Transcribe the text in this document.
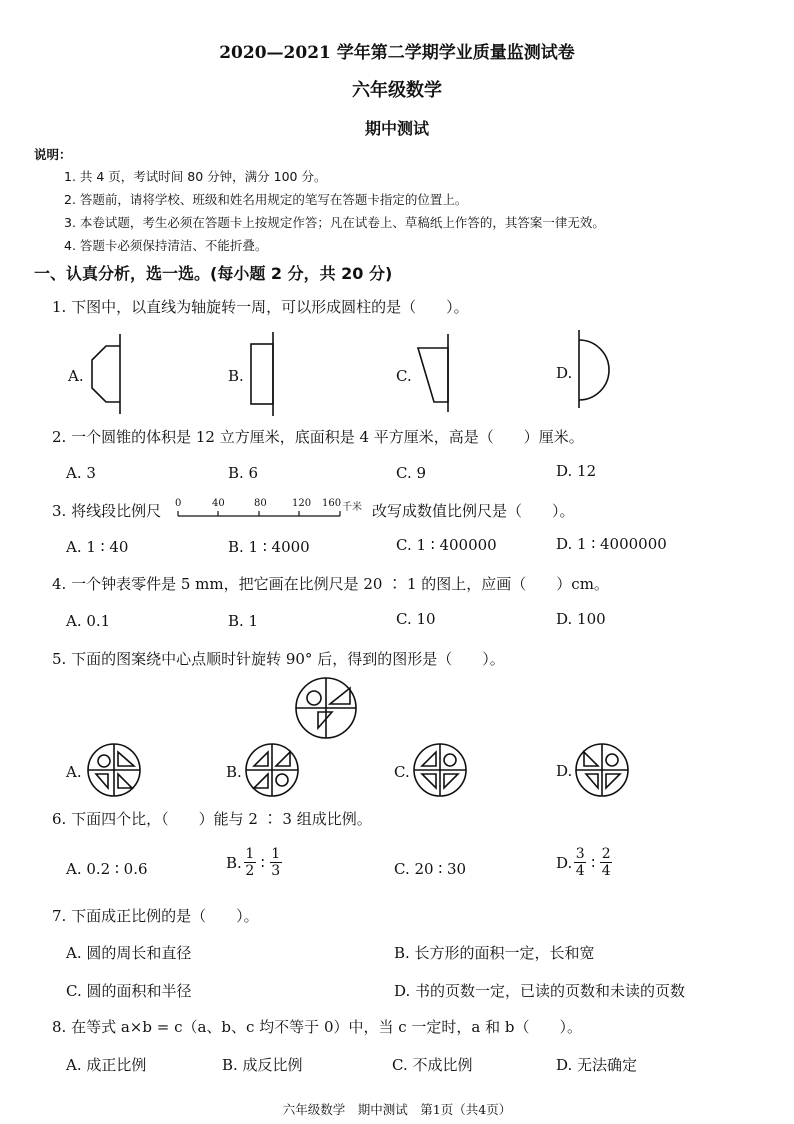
2020—2021 学年第二学期学业质量监测试卷
六年级数学
期中测试
说明：
1. 共 4 页，考试时间 80 分钟，满分 100 分。
2. 答题前，请将学校、班级和姓名用规定的笔写在答题卡指定的位置上。
3. 本卷试题，考生必须在答题卡上按规定作答；凡在试卷上、草稿纸上作答的，其答案一律无效。
4. 答题卡必须保持清洁、不能折叠。
一、认真分析，选一选。(每小题 2 分，共 20 分)
1. 下图中，以直线为轴旋转一周，可以形成圆柱的是（　　）。
A.	B.	C.	D.
2. 一个圆锥的体积是 12 立方厘米，底面积是 4 平方厘米，高是（　　）厘米。
A. 3	B. 6	C. 9	D. 12
3. 将线段比例尺 0	40	80	120 160 千米 改写成数值比例尺是（　　）。
A. 1 ∶ 40	B. 1 ∶ 4000	C. 1 ∶ 400000	D. 1 ∶ 4000000
4. 一个钟表零件是 5 mm，把它画在比例尺是 20 ∶ 1 的图上，应画（　　）cm。
A. 0.1	B. 1	C. 10	D. 100
5. 下面的图案绕中心点顺时针旋转 90° 后，得到的图形是（　　）。
A.	B.	C.	D.
6. 下面四个比，（　　）能与 2 ∶ 3 组成比例。
A. 0.2 ∶ 0.6	B. $\frac{1}{2}$ ∶ $\frac{1}{3}$	C. 20 ∶ 30	D. $\frac{3}{4}$ ∶ $\frac{2}{4}$
7. 下面成正比例的是（　　）。
A. 圆的周长和直径	B. 长方形的面积一定，长和宽
C. 圆的面积和半径	D. 书的页数一定，已读的页数和未读的页数
8. 在等式 a×b = c（a、b、c 均不等于 0）中，当 c 一定时，a 和 b（　　）。
A. 成正比例	B. 成反比例	C. 不成比例	D. 无法确定
六年级数学　期中测试　第1页（共4页）
